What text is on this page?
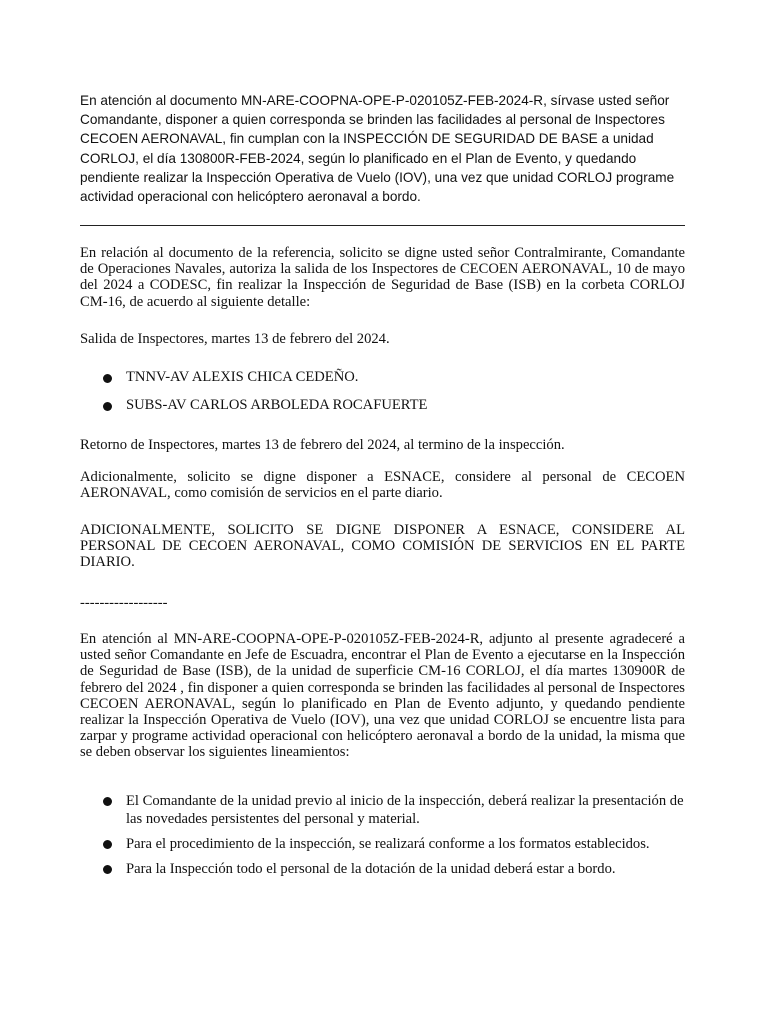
En atención al documento MN-ARE-COOPNA-OPE-P-020105Z-FEB-2024-R, sírvase usted señor Comandante, disponer a quien corresponda se brinden las facilidades al personal de Inspectores CECOEN AERONAVAL, fin cumplan con la INSPECCIÓN DE SEGURIDAD DE BASE a unidad CORLOJ, el día 130800R-FEB-2024, según lo planificado en el Plan de Evento, y quedando pendiente realizar la Inspección Operativa de Vuelo (IOV), una vez que unidad CORLOJ programe actividad operacional con helicóptero aeronaval a bordo.

En relación al documento de la referencia, solicito se digne usted señor Contralmirante, Comandante de Operaciones Navales, autoriza la salida de los Inspectores de CECOEN AERONAVAL, 10 de mayo del 2024 a CODESC, fin realizar la Inspección de Seguridad de Base (ISB) en la corbeta CORLOJ CM-16, de acuerdo al siguiente detalle:

Salida de Inspectores, martes 13 de febrero del 2024.

TNNV-AV ALEXIS CHICA CEDEÑO.
SUBS-AV CARLOS ARBOLEDA ROCAFUERTE

Retorno de Inspectores, martes 13 de febrero del 2024, al termino de la inspección.

Adicionalmente, solicito se digne disponer a ESNACE, considere al personal de CECOEN AERONAVAL, como comisión de servicios en el parte diario.

ADICIONALMENTE, SOLICITO SE DIGNE DISPONER A ESNACE, CONSIDERE AL PERSONAL DE CECOEN AERONAVAL, COMO COMISIÓN DE SERVICIOS EN EL PARTE DIARIO.

------------------

En atención al MN-ARE-COOPNA-OPE-P-020105Z-FEB-2024-R, adjunto al presente agradeceré a usted señor Comandante en Jefe de Escuadra, encontrar el Plan de Evento a ejecutarse en la Inspección de Seguridad de Base (ISB), de la unidad de superficie CM-16 CORLOJ, el día martes 130900R de febrero del 2024 , fin disponer a quien corresponda se brinden las facilidades al personal de Inspectores CECOEN AERONAVAL, según lo planificado en Plan de Evento adjunto, y quedando pendiente realizar la Inspección Operativa de Vuelo (IOV), una vez que unidad CORLOJ se encuentre lista para zarpar y programe actividad operacional con helicóptero aeronaval a bordo de la unidad, la misma que se deben observar los siguientes lineamientos:

El Comandante de la unidad previo al inicio de la inspección, deberá realizar la presentación de las novedades persistentes del personal y material.
Para el procedimiento de la inspección, se realizará conforme a los formatos establecidos.
Para la Inspección todo el personal de la dotación de la unidad deberá estar a bordo.
